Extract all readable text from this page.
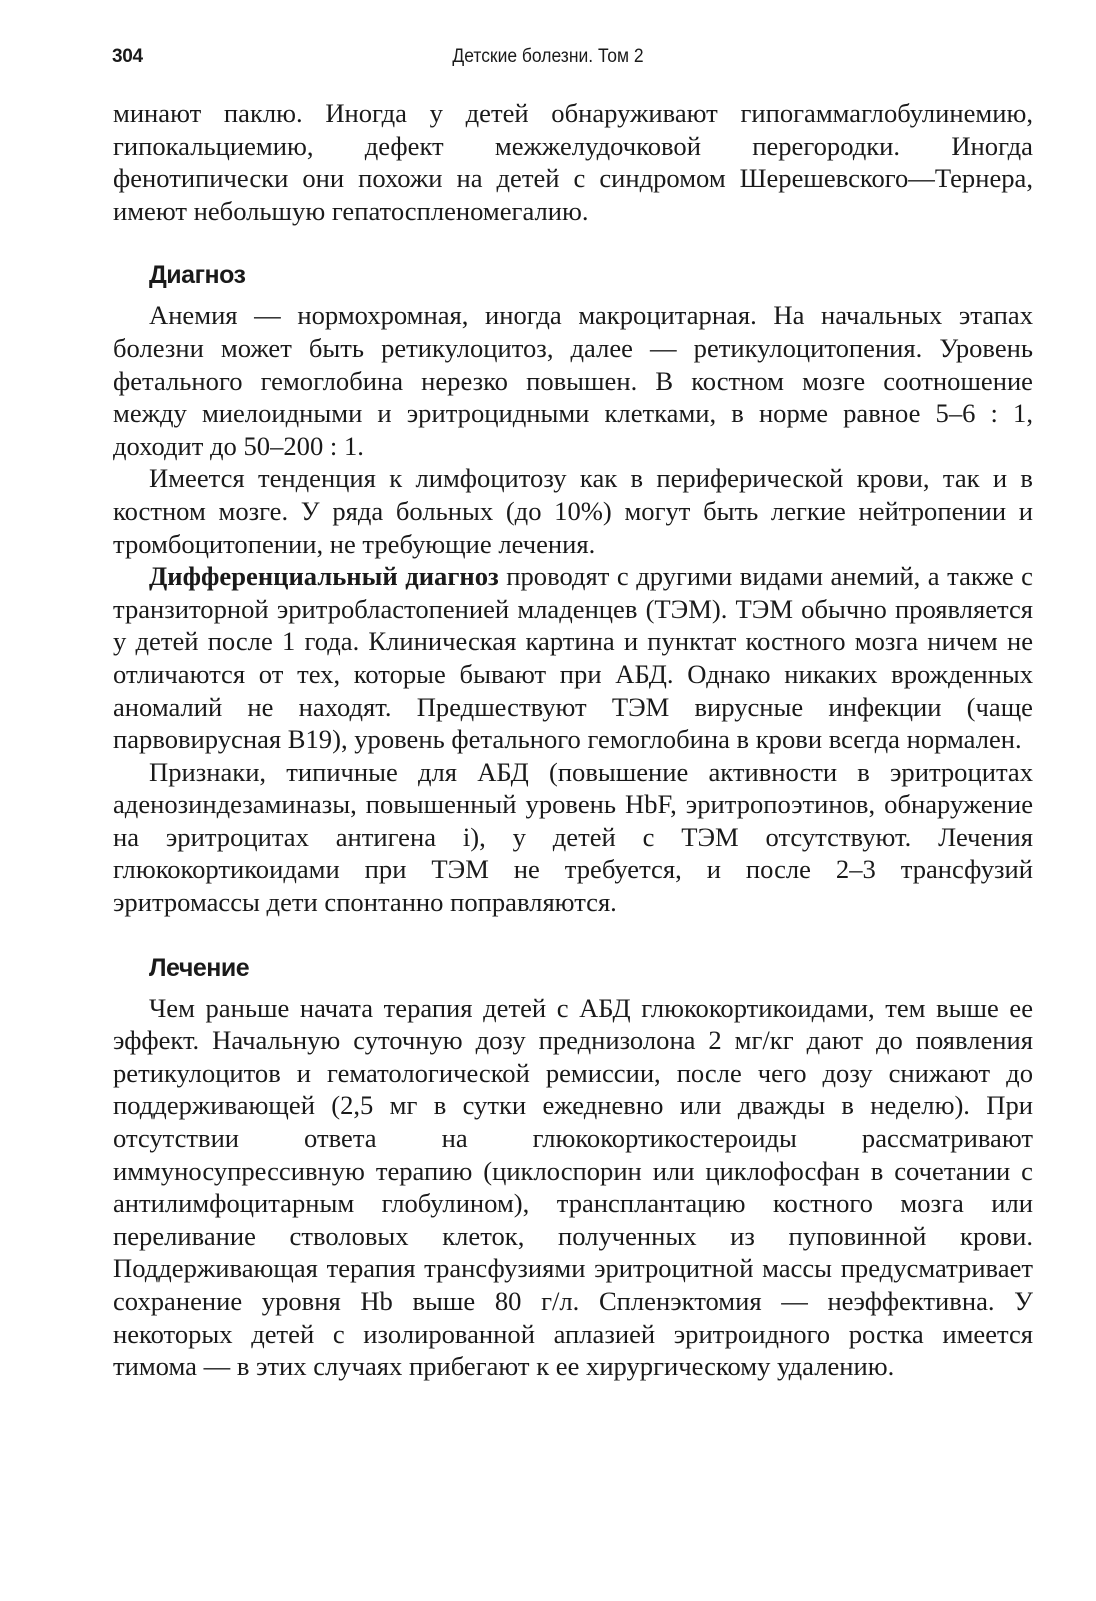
304	Детские болезни. Том 2

минают паклю. Иногда у детей обнаруживают гипогаммаглобулинемию, гипокальциемию, дефект межжелудочковой перегородки. Иногда фенотипически они похожи на детей с синдромом Шерешевского—Тернера, имеют небольшую гепатоспленомегалию.

Диагноз

Анемия — нормохромная, иногда макроцитарная. На начальных этапах болезни может быть ретикулоцитоз, далее — ретикулоцитопения. Уровень фетального гемоглобина нерезко повышен. В костном мозге соотношение между миелоидными и эритроцидными клетками, в норме равное 5–6 : 1, доходит до 50–200 : 1.

Имеется тенденция к лимфоцитозу как в периферической крови, так и в костном мозге. У ряда больных (до 10%) могут быть легкие нейтропении и тромбоцитопении, не требующие лечения.

Дифференциальный диагноз проводят с другими видами анемий, а также с транзиторной эритробластопенией младенцев (ТЭМ). ТЭМ обычно проявляется у детей после 1 года. Клиническая картина и пунктат костного мозга ничем не отличаются от тех, которые бывают при АБД. Однако никаких врожденных аномалий не находят. Предшествуют ТЭМ вирусные инфекции (чаще парвовирусная В19), уровень фетального гемоглобина в крови всегда нормален.

Признаки, типичные для АБД (повышение активности в эритроцитах аденозиндезаминазы, повышенный уровень HbF, эритропоэтинов, обнаружение на эритроцитах антигена i), у детей с ТЭМ отсутствуют. Лечения глюкокортикоидами при ТЭМ не требуется, и после 2–3 трансфузий эритромассы дети спонтанно поправляются.

Лечение

Чем раньше начата терапия детей с АБД глюкокортикоидами, тем выше ее эффект. Начальную суточную дозу преднизолона 2 мг/кг дают до появления ретикулоцитов и гематологической ремиссии, после чего дозу снижают до поддерживающей (2,5 мг в сутки ежедневно или дважды в неделю). При отсутствии ответа на глюкокортикостероиды рассматривают иммуносупрессивную терапию (циклоспорин или циклофосфан в сочетании с антилимфоцитарным глобулином), трансплантацию костного мозга или переливание стволовых клеток, полученных из пуповинной крови. Поддерживающая терапия трансфузиями эритроцитной массы предусматривает сохранение уровня Hb выше 80 г/л. Спленэктомия — неэффективна. У некоторых детей с изолированной аплазией эритроидного ростка имеется тимома — в этих случаях прибегают к ее хирургическому удалению.
